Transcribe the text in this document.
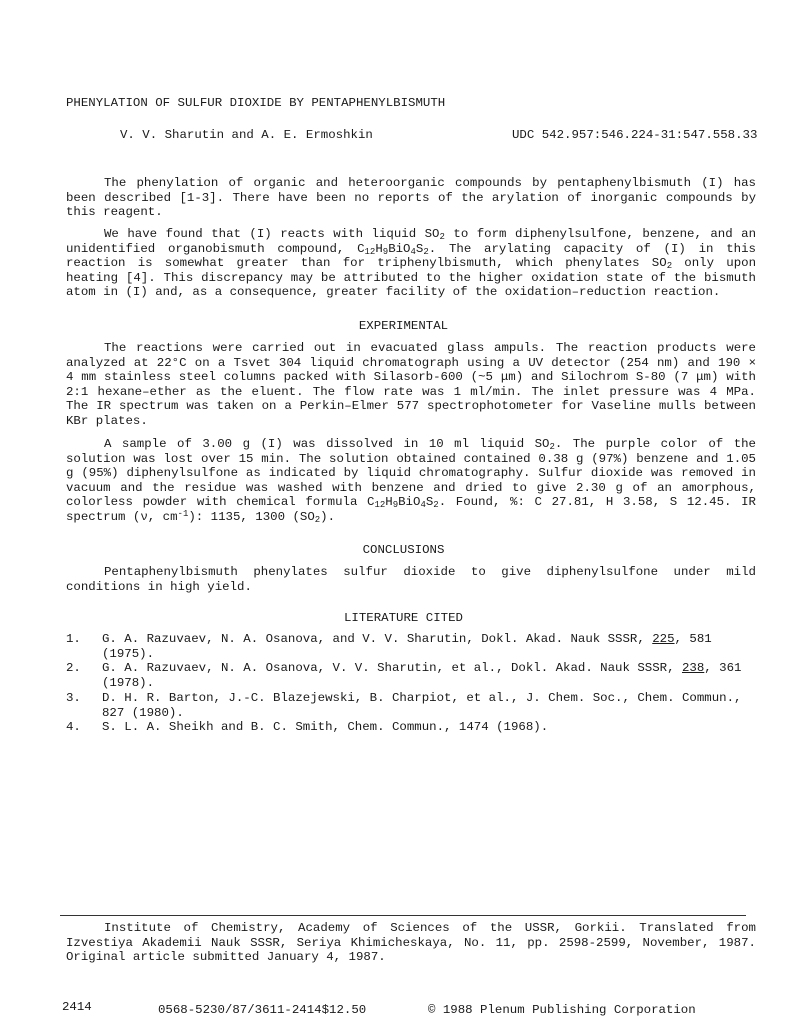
PHENYLATION OF SULFUR DIOXIDE BY PENTAPHENYLBISMUTH
V. V. Sharutin and A. E. Ermoshkin	UDC 542.957:546.224-31:547.558.33
The phenylation of organic and heteroorganic compounds by pentaphenylbismuth (I) has been described [1-3]. There have been no reports of the arylation of inorganic compounds by this reagent.
We have found that (I) reacts with liquid $SO_2$ to form diphenylsulfone, benzene, and an unidentified organobismuth compound, $C_{12}H_9BiO_4S_2$. The arylating capacity of (I) in this reaction is somewhat greater than for triphenylbismuth, which phenylates $SO_2$ only upon heating [4]. This discrepancy may be attributed to the higher oxidation state of the bismuth atom in (I) and, as a consequence, greater facility of the oxidation–reduction reaction.
EXPERIMENTAL
The reactions were carried out in evacuated glass ampuls. The reaction products were analyzed at 22°C on a Tsvet 304 liquid chromatograph using a UV detector (254 nm) and 190 × 4 mm stainless steel columns packed with Silasorb-600 (~5 μm) and Silochrom S-80 (7 μm) with 2:1 hexane–ether as the eluent. The flow rate was 1 ml/min. The inlet pressure was 4 MPa. The IR spectrum was taken on a Perkin–Elmer 577 spectrophotometer for Vaseline mulls between KBr plates.
A sample of 3.00 g (I) was dissolved in 10 ml liquid $SO_2$. The purple color of the solution was lost over 15 min. The solution obtained contained 0.38 g (97%) benzene and 1.05 g (95%) diphenylsulfone as indicated by liquid chromatography. Sulfur dioxide was removed in vacuum and the residue was washed with benzene and dried to give 2.30 g of an amorphous, colorless powder with chemical formula $C_{12}H_9BiO_4S_2$. Found, %: C 27.81, H 3.58, S 12.45. IR spectrum (ν, $cm^{-1}$): 1135, 1300 $(SO_2)$.
CONCLUSIONS
Pentaphenylbismuth phenylates sulfur dioxide to give diphenylsulfone under mild conditions in high yield.
LITERATURE CITED
1. G. A. Razuvaev, N. A. Osanova, and V. V. Sharutin, Dokl. Akad. Nauk SSSR, 225, 581 (1975).
2. G. A. Razuvaev, N. A. Osanova, V. V. Sharutin, et al., Dokl. Akad. Nauk SSSR, 238, 361 (1978).
3. D. H. R. Barton, J.-C. Blazejewski, B. Charpiot, et al., J. Chem. Soc., Chem. Commun., 827 (1980).
4. S. L. A. Sheikh and B. C. Smith, Chem. Commun., 1474 (1968).
Institute of Chemistry, Academy of Sciences of the USSR, Gorkii. Translated from Izvestiya Akademii Nauk SSSR, Seriya Khimicheskaya, No. 11, pp. 2598-2599, November, 1987. Original article submitted January 4, 1987.
2414	0568-5230/87/3611-2414$12.50	© 1988 Plenum Publishing Corporation
